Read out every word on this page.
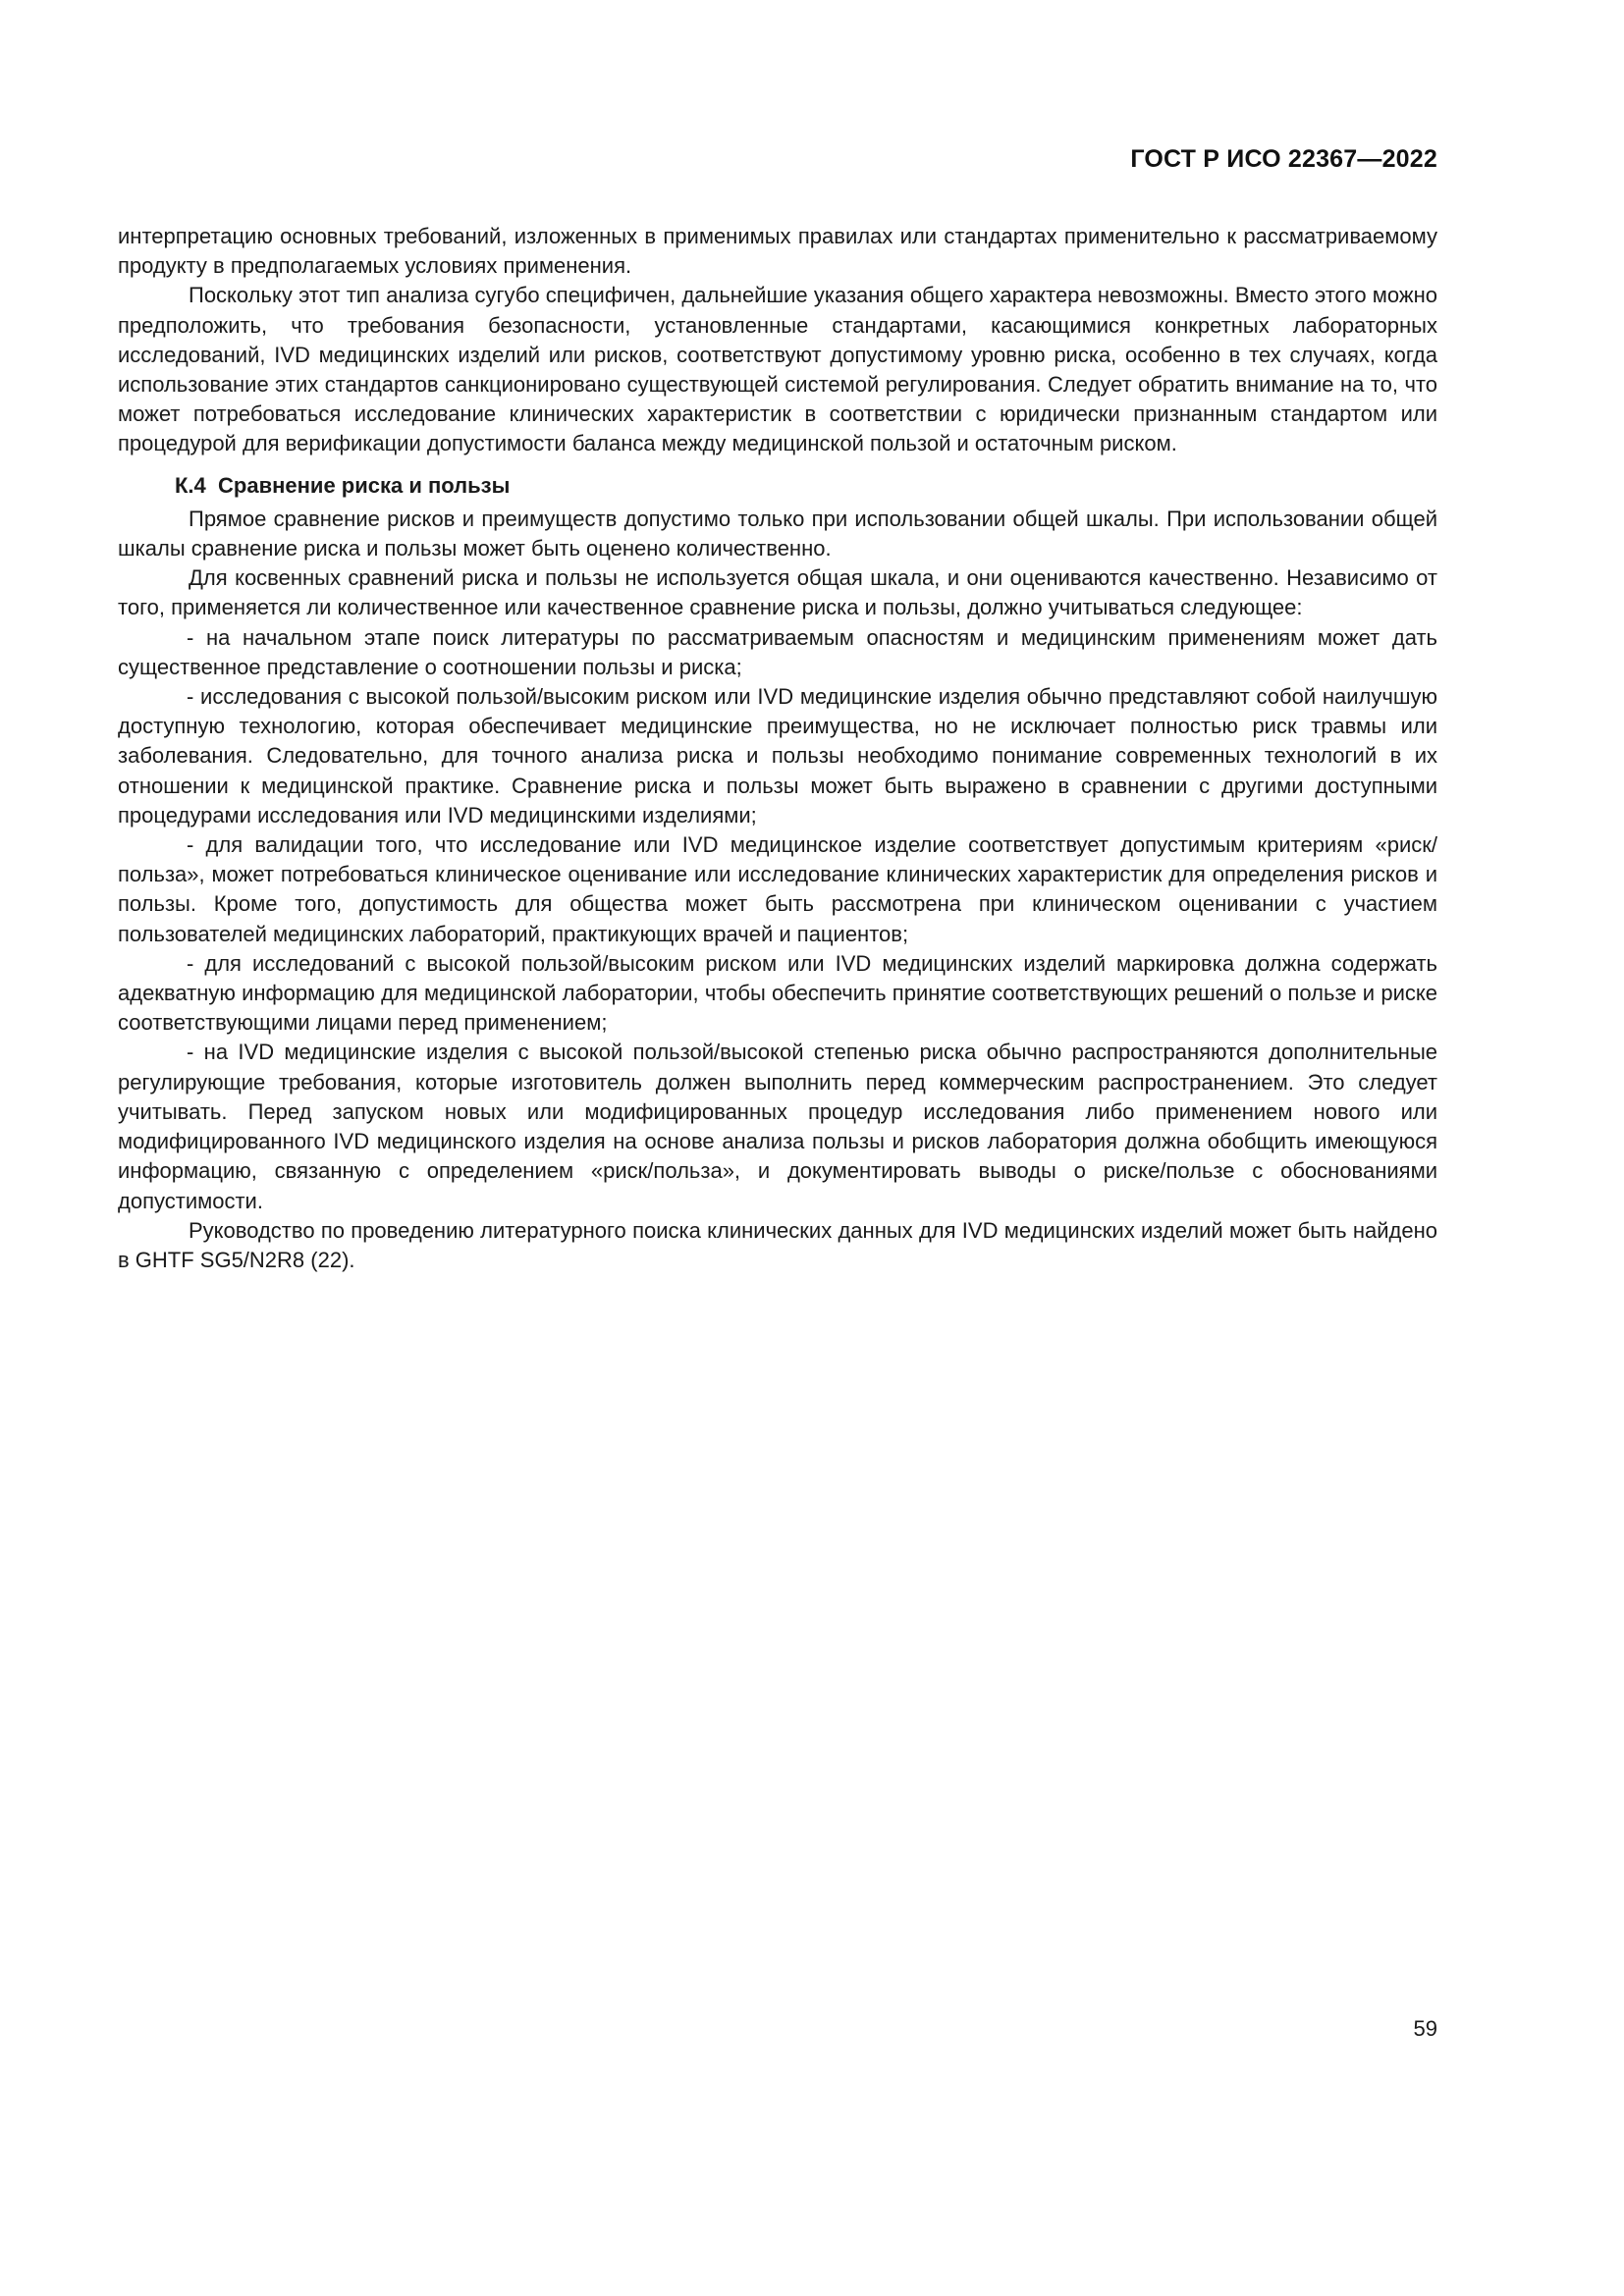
ГОСТ Р ИСО 22367—2022

интерпретацию основных требований, изложенных в применимых правилах или стандартах применительно к рассматриваемому продукту в предполагаемых условиях применения.

Поскольку этот тип анализа сугубо специфичен, дальнейшие указания общего характера невозможны. Вместо этого можно предположить, что требования безопасности, установленные стандартами, касающимися конкретных лабораторных исследований, IVD медицинских изделий или рисков, соответствуют допустимому уровню риска, особенно в тех случаях, когда использование этих стандартов санкционировано существующей системой регулирования. Следует обратить внимание на то, что может потребоваться исследование клинических характеристик в соответствии с юридически признанным стандартом или процедурой для верификации допустимости баланса между медицинской пользой и остаточным риском.

К.4 Сравнение риска и пользы

Прямое сравнение рисков и преимуществ допустимо только при использовании общей шкалы. При использовании общей шкалы сравнение риска и пользы может быть оценено количественно.

Для косвенных сравнений риска и пользы не используется общая шкала, и они оцениваются качественно. Независимо от того, применяется ли количественное или качественное сравнение риска и пользы, должно учитываться следующее:

- на начальном этапе поиск литературы по рассматриваемым опасностям и медицинским применениям может дать существенное представление о соотношении пользы и риска;

- исследования с высокой пользой/высоким риском или IVD медицинские изделия обычно представляют собой наилучшую доступную технологию, которая обеспечивает медицинские преимущества, но не исключает полностью риск травмы или заболевания. Следовательно, для точного анализа риска и пользы необходимо понимание современных технологий в их отношении к медицинской практике. Сравнение риска и пользы может быть выражено в сравнении с другими доступными процедурами исследования или IVD медицинскими изделиями;

- для валидации того, что исследование или IVD медицинское изделие соответствует допустимым критериям «риск/польза», может потребоваться клиническое оценивание или исследование клинических характеристик для определения рисков и пользы. Кроме того, допустимость для общества может быть рассмотрена при клиническом оценивании с участием пользователей медицинских лабораторий, практикующих врачей и пациентов;

- для исследований с высокой пользой/высоким риском или IVD медицинских изделий маркировка должна содержать адекватную информацию для медицинской лаборатории, чтобы обеспечить принятие соответствующих решений о пользе и риске соответствующими лицами перед применением;

- на IVD медицинские изделия с высокой пользой/высокой степенью риска обычно распространяются дополнительные регулирующие требования, которые изготовитель должен выполнить перед коммерческим распространением. Это следует учитывать. Перед запуском новых или модифицированных процедур исследования либо применением нового или модифицированного IVD медицинского изделия на основе анализа пользы и рисков лаборатория должна обобщить имеющуюся информацию, связанную с определением «риск/польза», и документировать выводы о риске/пользе с обоснованиями допустимости.

Руководство по проведению литературного поиска клинических данных для IVD медицинских изделий может быть найдено в GHTF SG5/N2R8 (22).

59
